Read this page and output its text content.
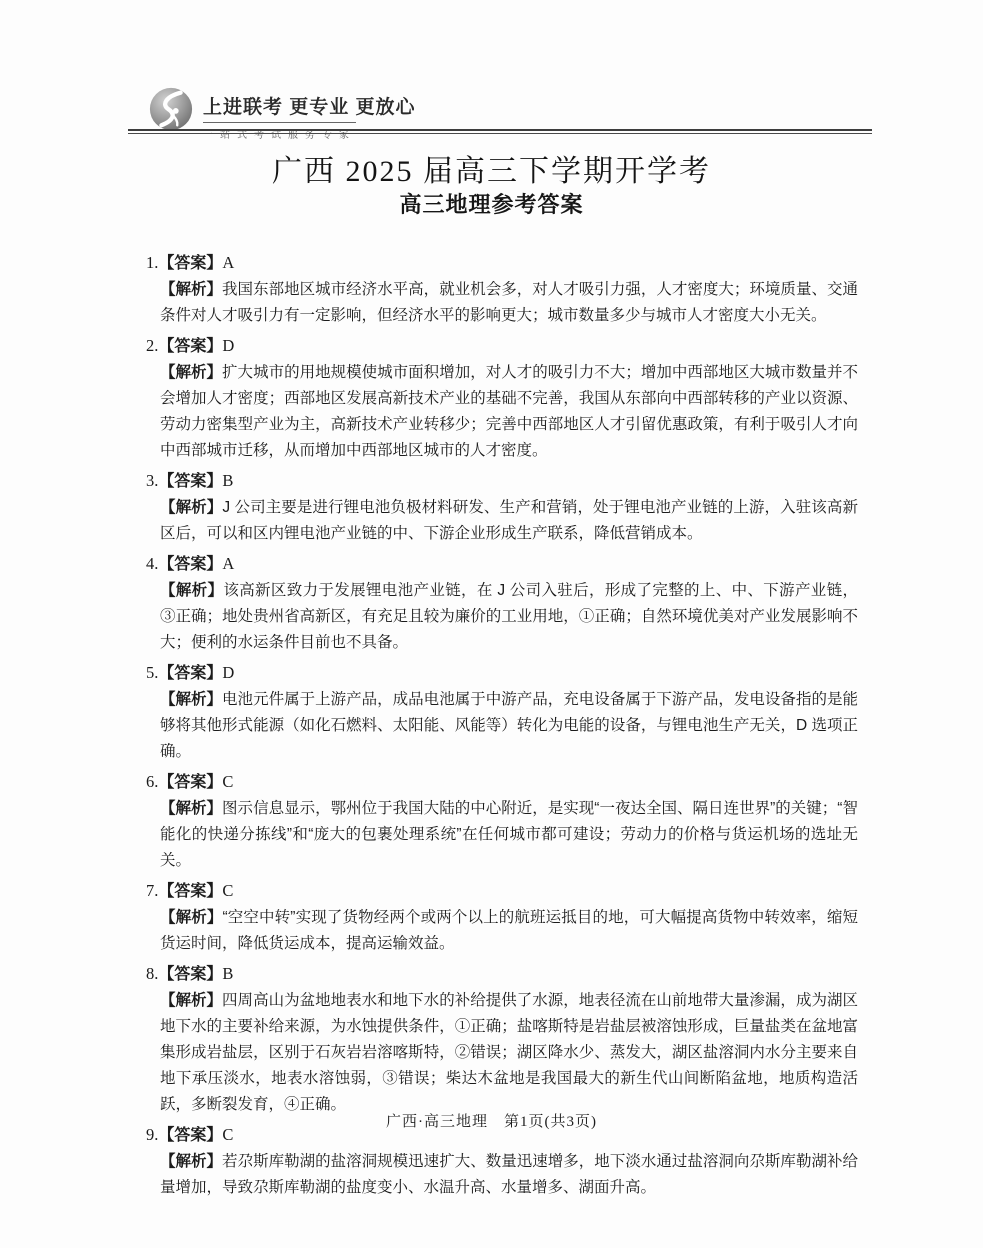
上进联考 更专业 更放心
一站式考试服务专家
广西 2025 届高三下学期开学考
高三地理参考答案
1.【答案】A

【解析】我国东部地区城市经济水平高，就业机会多，对人才吸引力强，人才密度大；环境质量、交通条件对人才吸引力有一定影响，但经济水平的影响更大；城市数量多少与城市人才密度大小无关。

2.【答案】D

【解析】扩大城市的用地规模使城市面积增加，对人才的吸引力不大；增加中西部地区大城市数量并不会增加人才密度；西部地区发展高新技术产业的基础不完善，我国从东部向中西部转移的产业以资源、劳动力密集型产业为主，高新技术产业转移少；完善中西部地区人才引留优惠政策，有利于吸引人才向中西部城市迁移，从而增加中西部地区城市的人才密度。

3.【答案】B

【解析】J 公司主要是进行锂电池负极材料研发、生产和营销，处于锂电池产业链的上游，入驻该高新区后，可以和区内锂电池产业链的中、下游企业形成生产联系，降低营销成本。

4.【答案】A

【解析】该高新区致力于发展锂电池产业链，在 J 公司入驻后，形成了完整的上、中、下游产业链，③正确；地处贵州省高新区，有充足且较为廉价的工业用地，①正确；自然环境优美对产业发展影响不大；便利的水运条件目前也不具备。

5.【答案】D

【解析】电池元件属于上游产品，成品电池属于中游产品，充电设备属于下游产品，发电设备指的是能够将其他形式能源（如化石燃料、太阳能、风能等）转化为电能的设备，与锂电池生产无关，D 选项正确。

6.【答案】C

【解析】图示信息显示，鄂州位于我国大陆的中心附近，是实现“一夜达全国、隔日连世界”的关键；“智能化的快递分拣线”和“庞大的包裹处理系统”在任何城市都可建设；劳动力的价格与货运机场的选址无关。

7.【答案】C

【解析】“空空中转”实现了货物经两个或两个以上的航班运抵目的地，可大幅提高货物中转效率，缩短货运时间，降低货运成本，提高运输效益。

8.【答案】B

【解析】四周高山为盆地地表水和地下水的补给提供了水源，地表径流在山前地带大量渗漏，成为湖区地下水的主要补给来源，为水蚀提供条件，①正确；盐喀斯特是岩盐层被溶蚀形成，巨量盐类在盆地富集形成岩盐层，区别于石灰岩岩溶喀斯特，②错误；湖区降水少、蒸发大，湖区盐溶洞内水分主要来自地下承压淡水，地表水溶蚀弱，③错误；柴达木盆地是我国最大的新生代山间断陷盆地，地质构造活跃，多断裂发育，④正确。

9.【答案】C

【解析】若尕斯库勒湖的盐溶洞规模迅速扩大、数量迅速增多，地下淡水通过盐溶洞向尕斯库勒湖补给量增加，导致尕斯库勒湖的盐度变小、水温升高、水量增多、湖面升高。

广西·高三地理　第1页(共3页)
